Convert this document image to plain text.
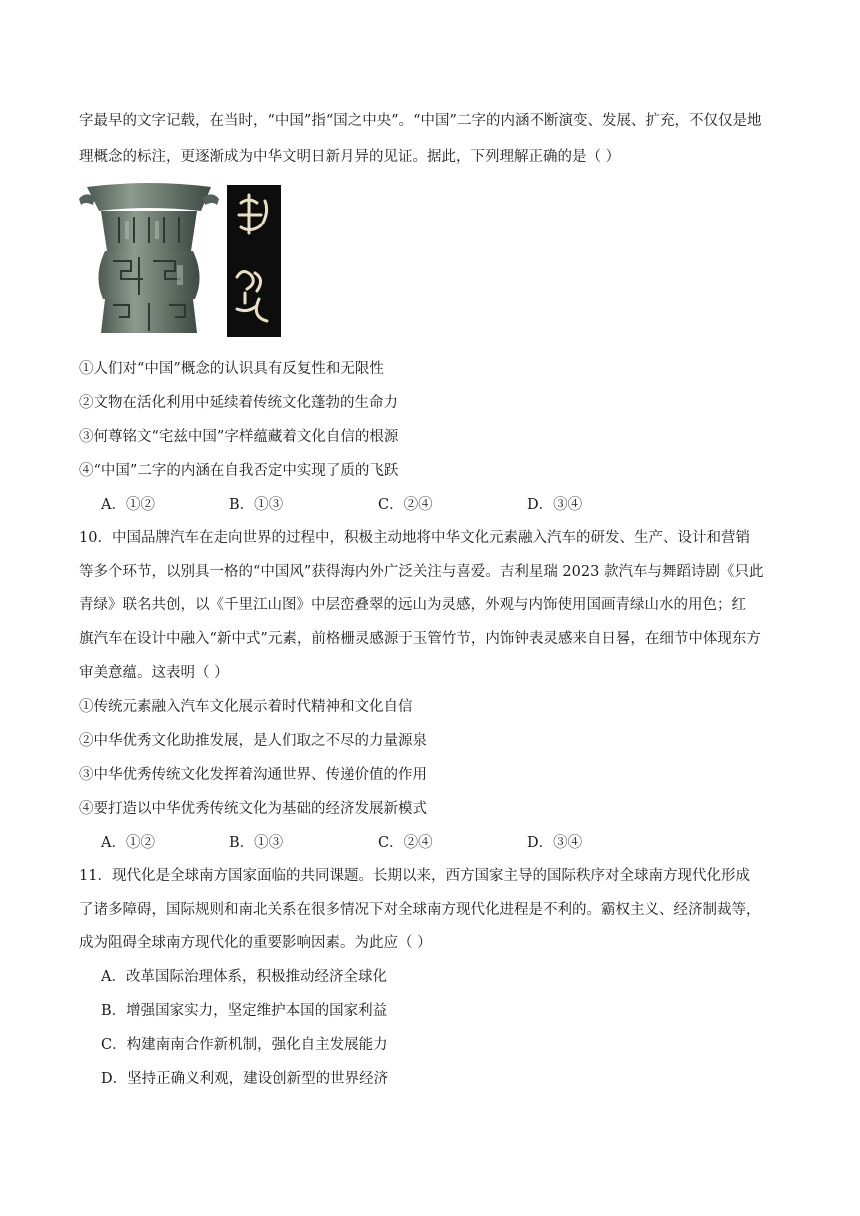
字最早的文字记载，在当时，“中国”指“国之中央”。“中国”二字的内涵不断演变、发展、扩充，不仅仅是地
理概念的标注，更逐渐成为中华文明日新月异的见证。据此，下列理解正确的是（ ）
①人们对“中国”概念的认识具有反复性和无限性
②文物在活化利用中延续着传统文化蓬勃的生命力
③何尊铭文“宅兹中国”字样蕴藏着文化自信的根源
④“中国”二字的内涵在自我否定中实现了质的飞跃
A．①②	B．①③	C．②④	D．③④
10．中国品牌汽车在走向世界的过程中，积极主动地将中华文化元素融入汽车的研发、生产、设计和营销
等多个环节，以别具一格的“中国风”获得海内外广泛关注与喜爱。吉利星瑞 2023 款汽车与舞蹈诗剧《只此
青绿》联名共创，以《千里江山图》中层峦叠翠的远山为灵感，外观与内饰使用国画青绿山水的用色；红
旗汽车在设计中融入“新中式”元素，前格栅灵感源于玉管竹节，内饰钟表灵感来自日晷，在细节中体现东方
审美意蕴。这表明（ ）
①传统元素融入汽车文化展示着时代精神和文化自信
②中华优秀文化助推发展，是人们取之不尽的力量源泉
③中华优秀传统文化发挥着沟通世界、传递价值的作用
④要打造以中华优秀传统文化为基础的经济发展新模式
A．①②	B．①③	C．②④	D．③④
11．现代化是全球南方国家面临的共同课题。长期以来，西方国家主导的国际秩序对全球南方现代化形成
了诸多障碍，国际规则和南北关系在很多情况下对全球南方现代化进程是不利的。霸权主义、经济制裁等，
成为阻碍全球南方现代化的重要影响因素。为此应（ ）
A．改革国际治理体系，积极推动经济全球化
B．增强国家实力，坚定维护本国的国家利益
C．构建南南合作新机制，强化自主发展能力
D．坚持正确义利观，建设创新型的世界经济
